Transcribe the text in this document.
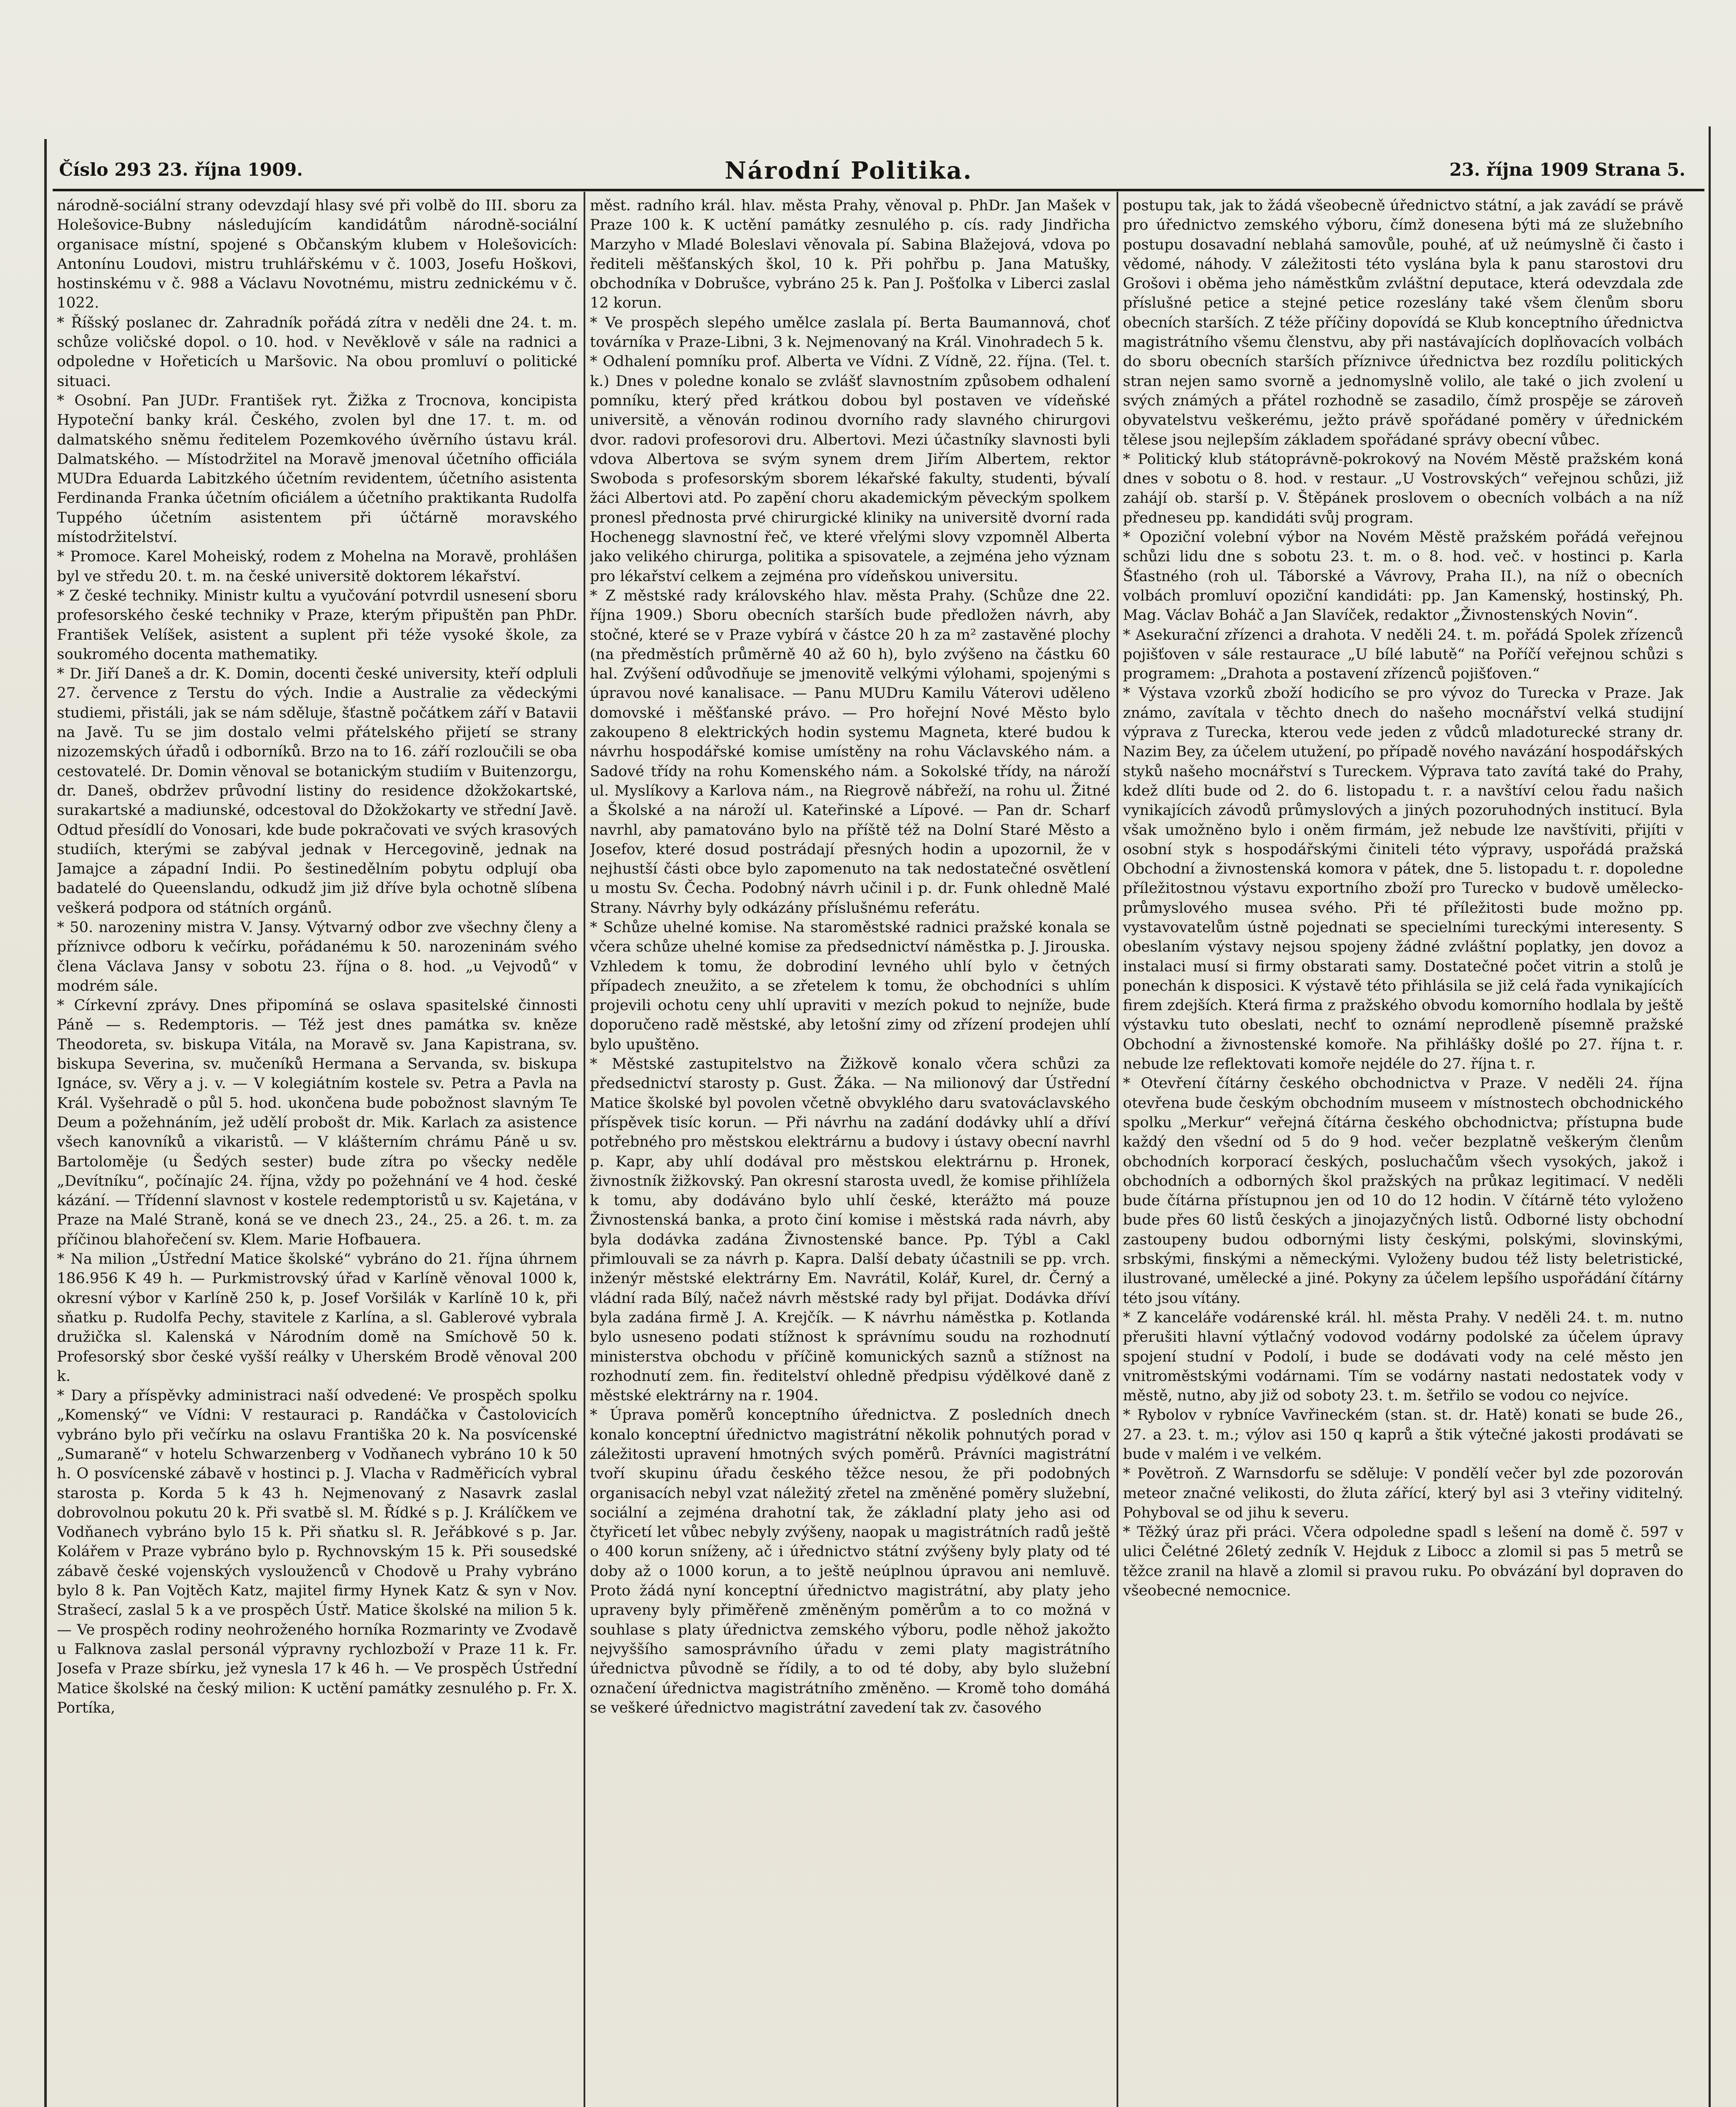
Číslo 293 23. října 1909.	Národní Politika.	23. října 1909 Strana 5.

národně-sociální strany odevzdají hlasy své při volbě do III. sboru za Holešovice-Bubny následujícím kandidátům národně-sociální organisace místní, spojené s Občanským klubem v Holešovicích: Antonínu Loudovi, mistru truhlářskému v č. 1003, Josefu Hoškovi, hostinskému v č. 988 a Václavu Novotnému, mistru zednickému v č. 1022.

* Říšský poslanec dr. Zahradník pořádá zítra v neděli dne 24. t. m. schůze voličské dopol. o 10. hod. v Nevěklově v sále na radnici a odpoledne v Hořeticích u Maršovic. Na obou promluví o politické situaci.

* Osobní. Pan JUDr. František ryt. Žižka z Trocnova, koncipista Hypoteční banky král. Českého, zvolen byl dne 17. t. m. od dalmatského sněmu ředitelem Pozemkového úvěrního ústavu král. Dalmatského. — Místodržitel na Moravě jmenoval účetního officiála MUDra Eduarda Labitzkého účetním revidentem, účetního asistenta Ferdinanda Franka účetním oficiálem a účetního praktikanta Rudolfa Tuppého účetním asistentem při účtárně moravského místodržitelství.

* Promoce. Karel Moheiský, rodem z Mohelna na Moravě, prohlášen byl ve středu 20. t. m. na české universitě doktorem lékařství.

* Z české techniky. Ministr kultu a vyučování potvrdil usnesení sboru profesorského české techniky v Praze, kterým připuštěn pan PhDr. František Velíšek, asistent a suplent při téže vysoké škole, za soukromého docenta mathematiky.

* Dr. Jiří Daneš a dr. K. Domin, docenti české university, kteří odpluli 27. července z Terstu do vých. Indie a Australie za vědeckými studiemi, přistáli, jak se nám sděluje, šťastně počátkem září v Batavii na Javě. Tu se jim dostalo velmi přátelského přijetí se strany nizozemských úřadů i odborníků. Brzo na to 16. září rozloučili se oba cestovatelé. Dr. Domin věnoval se botanickým studiím v Buitenzorgu, dr. Daneš, obdržev průvodní listiny do residence džokžokartské, surakartské a madiunské, odcestoval do Džokžokarty ve střední Javě. Odtud přesídlí do Vonosari, kde bude pokračovati ve svých krasových studiích, kterými se zabýval jednak v Hercegovině, jednak na Jamajce a západní Indii. Po šestinedělním pobytu odplují oba badatelé do Queenslandu, odkudž jim již dříve byla ochotně slíbena veškerá podpora od státních orgánů.

* 50. narozeniny mistra V. Jansy. Výtvarný odbor zve všechny členy a příznivce odboru k večírku, pořádanému k 50. narozeninám svého člena Václava Jansy v sobotu 23. října o 8. hod. „u Vejvodů“ v modrém sále.

* Církevní zprávy. Dnes připomíná se oslava spasitelské činnosti Páně — s. Redemptoris. — Též jest dnes památka sv. kněze Theodoreta, sv. biskupa Vitála, na Moravě sv. Jana Kapistrana, sv. biskupa Severina, sv. mučeníků Hermana a Servanda, sv. biskupa Ignáce, sv. Věry a j. v. — V kolegiátním kostele sv. Petra a Pavla na Král. Vyšehradě o půl 5. hod. ukončena bude pobožnost slavným Te Deum a požehnáním, jež udělí probošt dr. Mik. Karlach za asistence všech kanovníků a vikaristů. — V klášterním chrámu Páně u sv. Bartoloměje (u Šedých sester) bude zítra po všecky neděle „Devítníku“, počínajíc 24. října, vždy po požehnání ve 4 hod. české kázání. — Třídenní slavnost v kostele redemptoristů u sv. Kajetána, v Praze na Malé Straně, koná se ve dnech 23., 24., 25. a 26. t. m. za příčinou blahořečení sv. Klem. Marie Hofbauera.

* Na milion „Ústřední Matice školské“ vybráno do 21. října úhrnem 186.956 K 49 h. — Purkmistrovský úřad v Karlíně věnoval 1000 k, okresní výbor v Karlíně 250 k, p. Josef Voršilák v Karlíně 10 k, při sňatku p. Rudolfa Pechy, stavitele z Karlína, a sl. Gablerové vybrala družička sl. Kalenská v Národním domě na Smíchově 50 k. Profesorský sbor české vyšší reálky v Uherském Brodě věnoval 200 k.

* Dary a příspěvky administraci naší odvedené: Ve prospěch spolku „Komenský“ ve Vídni: V restauraci p. Randáčka v Častolovicích vybráno bylo při večírku na oslavu Františka 20 k. Na posvícenské „Sumaraně“ v hotelu Schwarzenberg v Vodňanech vybráno 10 k 50 h. O posvícenské zábavě v hostinci p. J. Vlacha v Radměřicích vybral starosta p. Korda 5 k 43 h. Nejmenovaný z Nasavrk zaslal dobrovolnou pokutu 20 k. Při svatbě sl. M. Řídké s p. J. Králíčkem ve Vodňanech vybráno bylo 15 k. Při sňatku sl. R. Jeřábkové s p. Jar. Kolářem v Praze vybráno bylo p. Rychnovským 15 k. Při sousedské zábavě české vojenských vyslouženců v Chodově u Prahy vybráno bylo 8 k. Pan Vojtěch Katz, majitel firmy Hynek Katz & syn v Nov. Strašecí, zaslal 5 k a ve prospěch Ústř. Matice školské na milion 5 k. — Ve prospěch rodiny neohroženého horníka Rozmarinty ve Zvodavě u Falknova zaslal personál výpravny rychlozboží v Praze 11 k. Fr. Josefa v Praze sbírku, jež vynesla 17 k 46 h. — Ve prospěch Ústřední Matice školské na český milion: K uctění památky zesnulého p. Fr. X. Portíka,

měst. radního král. hlav. města Prahy, věnoval p. PhDr. Jan Mašek v Praze 100 k. K uctění památky zesnulého p. cís. rady Jindřicha Marzyho v Mladé Boleslavi věnovala pí. Sabina Blažejová, vdova po řediteli měšťanských škol, 10 k. Při pohřbu p. Jana Matušky, obchodníka v Dobrušce, vybráno 25 k. Pan J. Pošťolka v Liberci zaslal 12 korun.

* Ve prospěch slepého umělce zaslala pí. Berta Baumannová, choť továrníka v Praze-Libni, 3 k. Nejmenovaný na Král. Vinohradech 5 k.

* Odhalení pomníku prof. Alberta ve Vídni. Z Vídně, 22. října. (Tel. t. k.) Dnes v poledne konalo se zvlášť slavnostním způsobem odhalení pomníku, který před krátkou dobou byl postaven ve vídeňské universitě, a věnován rodinou dvorního rady slavného chirurgovi dvor. radovi profesorovi dru. Albertovi. Mezi účastníky slavnosti byli vdova Albertova se svým synem drem Jiřím Albertem, rektor Swoboda s profesorským sborem lékařské fakulty, studenti, bývalí žáci Albertovi atd. Po zapění choru akademickým pěveckým spolkem pronesl přednosta prvé chirurgické kliniky na universitě dvorní rada Hochenegg slavnostní řeč, ve které vřelými slovy vzpomněl Alberta jako velikého chirurga, politika a spisovatele, a zejména jeho význam pro lékařství celkem a zejména pro vídeňskou universitu.

* Z městské rady královského hlav. města Prahy. (Schůze dne 22. října 1909.) Sboru obecních starších bude předložen návrh, aby stočné, které se v Praze vybírá v částce 20 h za m² zastavěné plochy (na předměstích průměrně 40 až 60 h), bylo zvýšeno na částku 60 hal. Zvýšení odůvodňuje se jmenovitě velkými výlohami, spojenými s úpravou nové kanalisace. — Panu MUDru Kamilu Váterovi uděleno domovské i měšťanské právo. — Pro hořejní Nové Město bylo zakoupeno 8 elektrických hodin systemu Magneta, které budou k návrhu hospodářské komise umístěny na rohu Václavského nám. a Sadové třídy na rohu Komenského nám. a Sokolské třídy, na nároží ul. Myslíkovy a Karlova nám., na Riegrově nábřeží, na rohu ul. Žitné a Školské a na nároží ul. Kateřinské a Lípové. — Pan dr. Scharf navrhl, aby pamatováno bylo na příště též na Dolní Staré Město a Josefov, které dosud postrádají přesných hodin a upozornil, že v nejhustší části obce bylo zapomenuto na tak nedostatečné osvětlení u mostu Sv. Čecha. Podobný návrh učinil i p. dr. Funk ohledně Malé Strany. Návrhy byly odkázány příslušnému referátu.

* Schůze uhelné komise. Na staroměstské radnici pražské konala se včera schůze uhelné komise za předsednictví náměstka p. J. Jirouska. Vzhledem k tomu, že dobrodiní levného uhlí bylo v četných případech zneužito, a se zřetelem k tomu, že obchodníci s uhlím projevili ochotu ceny uhlí upraviti v mezích pokud to nejníže, bude doporučeno radě městské, aby letošní zimy od zřízení prodejen uhlí bylo upuštěno.

* Městské zastupitelstvo na Žižkově konalo včera schůzi za předsednictví starosty p. Gust. Žáka. — Na milionový dar Ústřední Matice školské byl povolen včetně obvyklého daru svatováclavského příspěvek tisíc korun. — Při návrhu na zadání dodávky uhlí a dříví potřebného pro městskou elektrárnu a budovy i ústavy obecní navrhl p. Kapr, aby uhlí dodával pro městskou elektrárnu p. Hronek, živnostník žižkovský. Pan okresní starosta uvedl, že komise přihlížela k tomu, aby dodáváno bylo uhlí české, kterážto má pouze Živnostenská banka, a proto činí komise i městská rada návrh, aby byla dodávka zadána Živnostenské bance. Pp. Týbl a Cakl přimlouvali se za návrh p. Kapra. Další debaty účastnili se pp. vrch. inženýr městské elektrárny Em. Navrátil, Kolář, Kurel, dr. Černý a vládní rada Bílý, načež návrh městské rady byl přijat. Dodávka dříví byla zadána firmě J. A. Krejčík. — K návrhu náměstka p. Kotlanda bylo usneseno podati stížnost k správnímu soudu na rozhodnutí ministerstva obchodu v příčině komunických saznů a stížnost na rozhodnutí zem. fin. ředitelství ohledně předpisu výdělkové daně z městské elektrárny na r. 1904.

* Úprava poměrů konceptního úřednictva. Z posledních dnech konalo konceptní úřednictvo magistrátní několik pohnutých porad v záležitosti upravení hmotných svých poměrů. Právníci magistrátní tvoří skupinu úřadu českého těžce nesou, že při podobných organisacích nebyl vzat náležitý zřetel na změněné poměry služební, sociální a zejména drahotní tak, že základní platy jeho asi od čtyřicetí let vůbec nebyly zvýšeny, naopak u magistrátních radů ještě o 400 korun sníženy, ač i úřednictvo státní zvýšeny byly platy od té doby až o 1000 korun, a to ještě neúplnou úpravou ani nemluvě. Proto žádá nyní konceptní úřednictvo magistrátní, aby platy jeho upraveny byly přiměřeně změněným poměrům a to co možná v souhlase s platy úřednictva zemského výboru, podle něhož jakožto nejvyššího samosprávního úřadu v zemi platy magistrátního úřednictva původně se řídily, a to od té doby, aby bylo služební označení úřednictva magistrátního změněno. — Kromě toho domáhá se veškeré úřednictvo magistrátní zavedení tak zv. časového

postupu tak, jak to žádá všeobecně úřednictvo státní, a jak zavádí se právě pro úřednictvo zemského výboru, čímž donesena býti má ze služebního postupu dosavadní neblahá samovůle, pouhé, ať už neúmyslně či často i vědomé, náhody. V záležitosti této vyslána byla k panu starostovi dru Grošovi i oběma jeho náměstkům zvláštní deputace, která odevzdala zde příslušné petice a stejné petice rozeslány také všem členům sboru obecních starších. Z téže příčiny dopovídá se Klub konceptního úřednictva magistrátního všemu členstvu, aby při nastávajících doplňovacích volbách do sboru obecních starších příznivce úřednictva bez rozdílu politických stran nejen samo svorně a jednomyslně volilo, ale také o jich zvolení u svých známých a přátel rozhodně se zasadilo, čímž prospěje se zároveň obyvatelstvu veškerému, ježto právě spořádané poměry v úřednickém tělese jsou nejlepším základem spořádané správy obecní vůbec.

* Politický klub státoprávně-pokrokový na Novém Městě pražském koná dnes v sobotu o 8. hod. v restaur. „U Vostrovských“ veřejnou schůzi, již zahájí ob. starší p. V. Štěpánek proslovem o obecních volbách a na níž předneseu pp. kandidáti svůj program.

* Opoziční volební výbor na Novém Městě pražském pořádá veřejnou schůzi lidu dne s sobotu 23. t. m. o 8. hod. več. v hostinci p. Karla Šťastného (roh ul. Táborské a Vávrovy, Praha II.), na níž o obecních volbách promluví opoziční kandidáti: pp. Jan Kamenský, hostinský, Ph. Mag. Václav Boháč a Jan Slavíček, redaktor „Živnostenských Novin“.

* Asekurační zřízenci a drahota. V neděli 24. t. m. pořádá Spolek zřízenců pojišťoven v sále restaurace „U bílé labutě“ na Poříčí veřejnou schůzi s programem: „Drahota a postavení zřízenců pojišťoven.“

* Výstava vzorků zboží hodicího se pro vývoz do Turecka v Praze. Jak známo, zavítala v těchto dnech do našeho mocnářství velká studijní výprava z Turecka, kterou vede jeden z vůdců mladoturecké strany dr. Nazim Bey, za účelem utužení, po případě nového navázání hospodářských styků našeho mocnářství s Tureckem. Výprava tato zavítá také do Prahy, kdež dlíti bude od 2. do 6. listopadu t. r. a navštíví celou řadu našich vynikajících závodů průmyslových a jiných pozoruhodných institucí. Byla však umožněno bylo i oněm firmám, jež nebude lze navštíviti, přijíti v osobní styk s hospodářskými činiteli této výpravy, uspořádá pražská Obchodní a živnostenská komora v pátek, dne 5. listopadu t. r. dopoledne příležitostnou výstavu exportního zboží pro Turecko v budově umělecko-průmyslového musea svého. Při té příležitosti bude možno pp. vystavovatelům ústně pojednati se specielními tureckými interesenty. S obeslaním výstavy nejsou spojeny žádné zvláštní poplatky, jen dovoz a instalaci musí si firmy obstarati samy. Dostatečné počet vitrin a stolů je ponechán k disposici. K výstavě této přihlásila se již celá řada vynikajících firem zdejších. Která firma z pražského obvodu komorního hodlala by ještě výstavku tuto obeslati, nechť to oznámí neprodleně písemně pražské Obchodní a živnostenské komoře. Na přihlášky došlé po 27. října t. r. nebude lze reflektovati komoře nejdéle do 27. října t. r.

* Otevření čítárny českého obchodnictva v Praze. V neděli 24. října otevřena bude českým obchodním museem v místnostech obchodnického spolku „Merkur“ veřejná čítárna českého obchodnictva; přístupna bude každý den všední od 5 do 9 hod. večer bezplatně veškerým členům obchodních korporací českých, posluchačům všech vysokých, jakož i obchodních a odborných škol pražských na průkaz legitimací. V neděli bude čítárna přístupnou jen od 10 do 12 hodin. V čítárně této vyloženo bude přes 60 listů českých a jinojazyčných listů. Odborné listy obchodní zastoupeny budou odbornými listy českými, polskými, slovinskými, srbskými, finskými a německými. Vyloženy budou též listy beletristické, ilustrované, umělecké a jiné. Pokyny za účelem lepšího uspořádání čítárny této jsou vítány.

* Z kanceláře vodárenské král. hl. města Prahy. V neděli 24. t. m. nutno přerušiti hlavní výtlačný vodovod vodárny podolské za účelem úpravy spojení studní v Podolí, i bude se dodávati vody na celé město jen vnitroměstskými vodárnami. Tím se vodárny nastati nedostatek vody v městě, nutno, aby již od soboty 23. t. m. šetřilo se vodou co nejvíce.

* Rybolov v rybníce Vavřineckém (stan. st. dr. Hatě) konati se bude 26., 27. a 23. t. m.; výlov asi 150 q kaprů a štik výtečné jakosti prodávati se bude v malém i ve velkém.

* Povětroň. Z Warnsdorfu se sděluje: V pondělí večer byl zde pozorován meteor značné velikosti, do žluta zářící, který byl asi 3 vteřiny viditelný. Pohyboval se od jihu k severu.

* Těžký úraz při práci. Včera odpoledne spadl s lešení na domě č. 597 v ulici Čelétné 26letý zedník V. Hejduk z Libocc a zlomil si pas 5 metrů se těžce zranil na hlavě a zlomil si pravou ruku. Po obvázání byl dopraven do všeobecné nemocnice.
